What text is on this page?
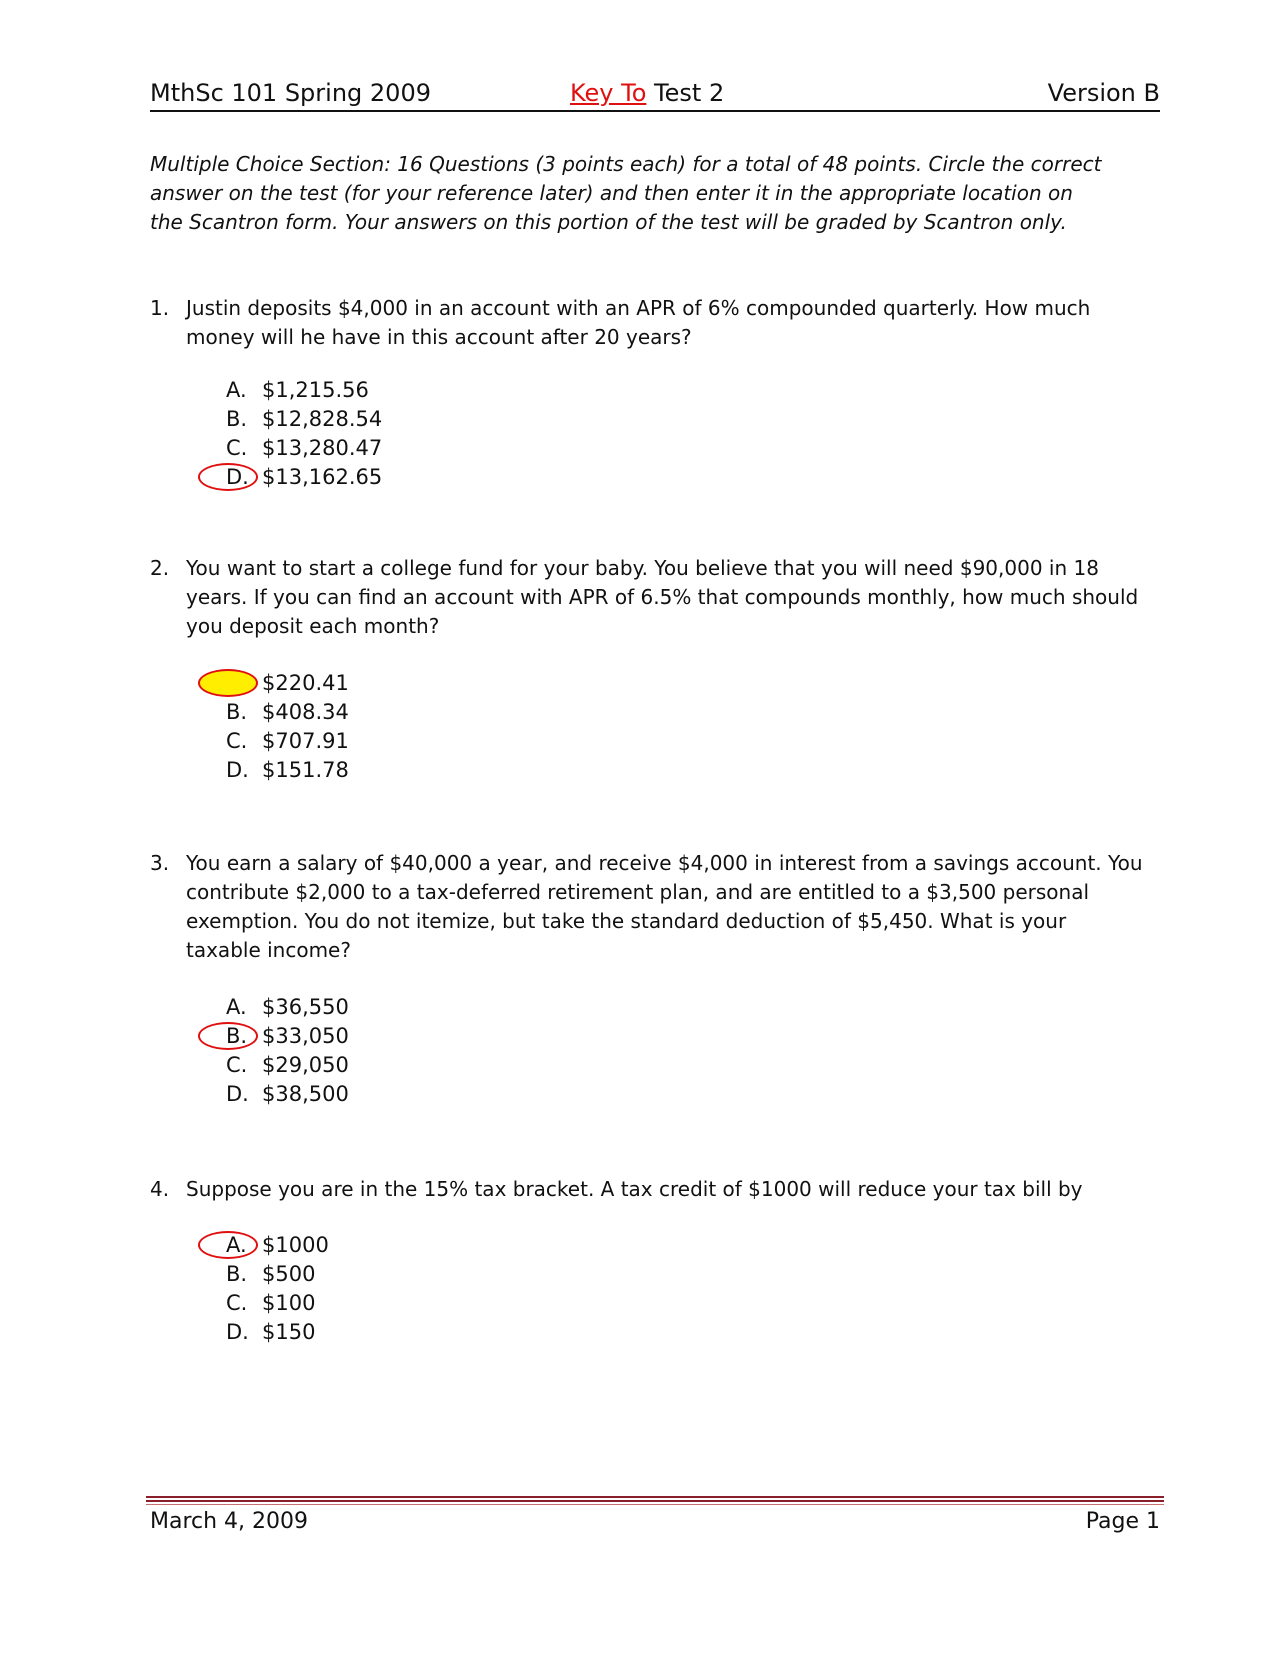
MthSc 101 Spring 2009	Key To Test 2	Version B
Multiple Choice Section: 16 Questions (3 points each) for a total of 48 points. Circle the correct answer on the test (for your reference later) and then enter it in the appropriate location on the Scantron form. Your answers on this portion of the test will be graded by Scantron only.
1. Justin deposits $4,000 in an account with an APR of 6% compounded quarterly. How much money will he have in this account after 20 years?
A. $1,215.56
B. $12,828.54
C. $13,280.47
D. $13,162.65
2. You want to start a college fund for your baby. You believe that you will need $90,000 in 18 years. If you can find an account with APR of 6.5% that compounds monthly, how much should you deposit each month?
$220.41
B. $408.34
C. $707.91
D. $151.78
3. You earn a salary of $40,000 a year, and receive $4,000 in interest from a savings account. You contribute $2,000 to a tax-deferred retirement plan, and are entitled to a $3,500 personal exemption. You do not itemize, but take the standard deduction of $5,450. What is your taxable income?
A. $36,550
B. $33,050
C. $29,050
D. $38,500
4. Suppose you are in the 15% tax bracket. A tax credit of $1000 will reduce your tax bill by
A. $1000
B. $500
C. $100
D. $150
March 4, 2009	Page 1
